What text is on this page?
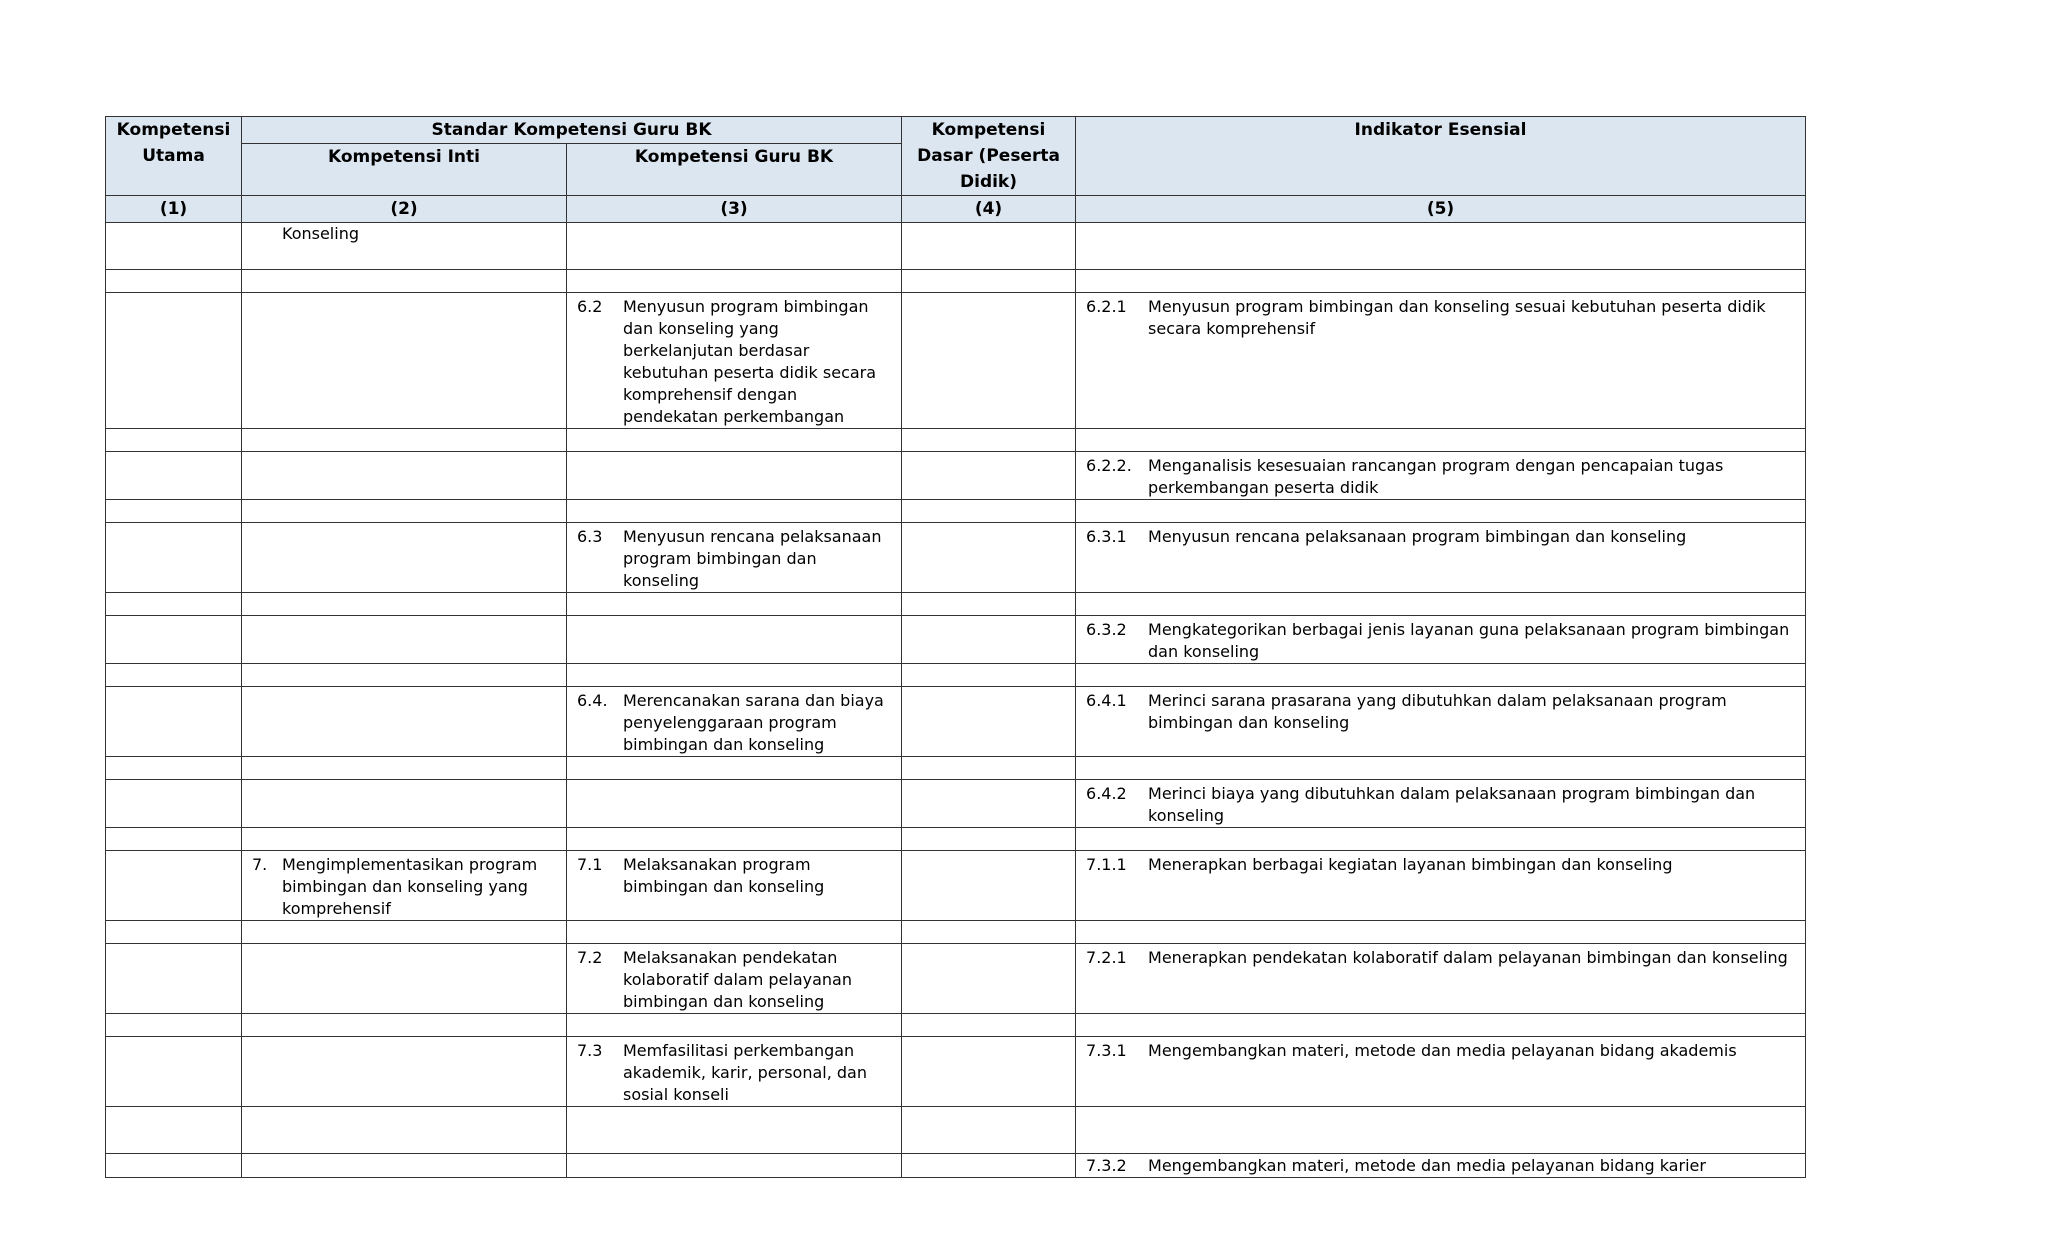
Kompetensi Utama	Standar Kompetensi Guru BK		Kompetensi Dasar (Peserta Didik)	Indikator Esensial
	Kompetensi Inti	Kompetensi Guru BK		
(1)	(2)	(3)	(4)	(5)

	Konseling			

		6.2 Menyusun program bimbingan dan konseling yang berkelanjutan berdasar kebutuhan peserta didik secara komprehensif dengan pendekatan perkembangan		6.2.1 Menyusun program bimbingan dan konseling sesuai kebutuhan peserta didik secara komprehensif

				6.2.2. Menganalisis kesesuaian rancangan program dengan pencapaian tugas perkembangan peserta didik

		6.3 Menyusun rencana pelaksanaan program bimbingan dan konseling		6.3.1 Menyusun rencana pelaksanaan program bimbingan dan konseling

				6.3.2 Mengkategorikan berbagai jenis layanan guna pelaksanaan program bimbingan dan konseling

		6.4. Merencanakan sarana dan biaya penyelenggaraan program bimbingan dan konseling		6.4.1 Merinci sarana prasarana yang dibutuhkan dalam pelaksanaan program bimbingan dan konseling

				6.4.2 Merinci biaya yang dibutuhkan dalam pelaksanaan program bimbingan dan konseling

	7. Mengimplementasikan program bimbingan dan konseling yang komprehensif	7.1 Melaksanakan program bimbingan dan konseling		7.1.1 Menerapkan berbagai kegiatan layanan bimbingan dan konseling

		7.2 Melaksanakan pendekatan kolaboratif dalam pelayanan bimbingan dan konseling		7.2.1 Menerapkan pendekatan kolaboratif dalam pelayanan bimbingan dan konseling

		7.3 Memfasilitasi perkembangan akademik, karir, personal, dan sosial konseli		7.3.1 Mengembangkan materi, metode dan media pelayanan bidang akademis

				7.3.2 Mengembangkan materi, metode dan media pelayanan bidang karier
